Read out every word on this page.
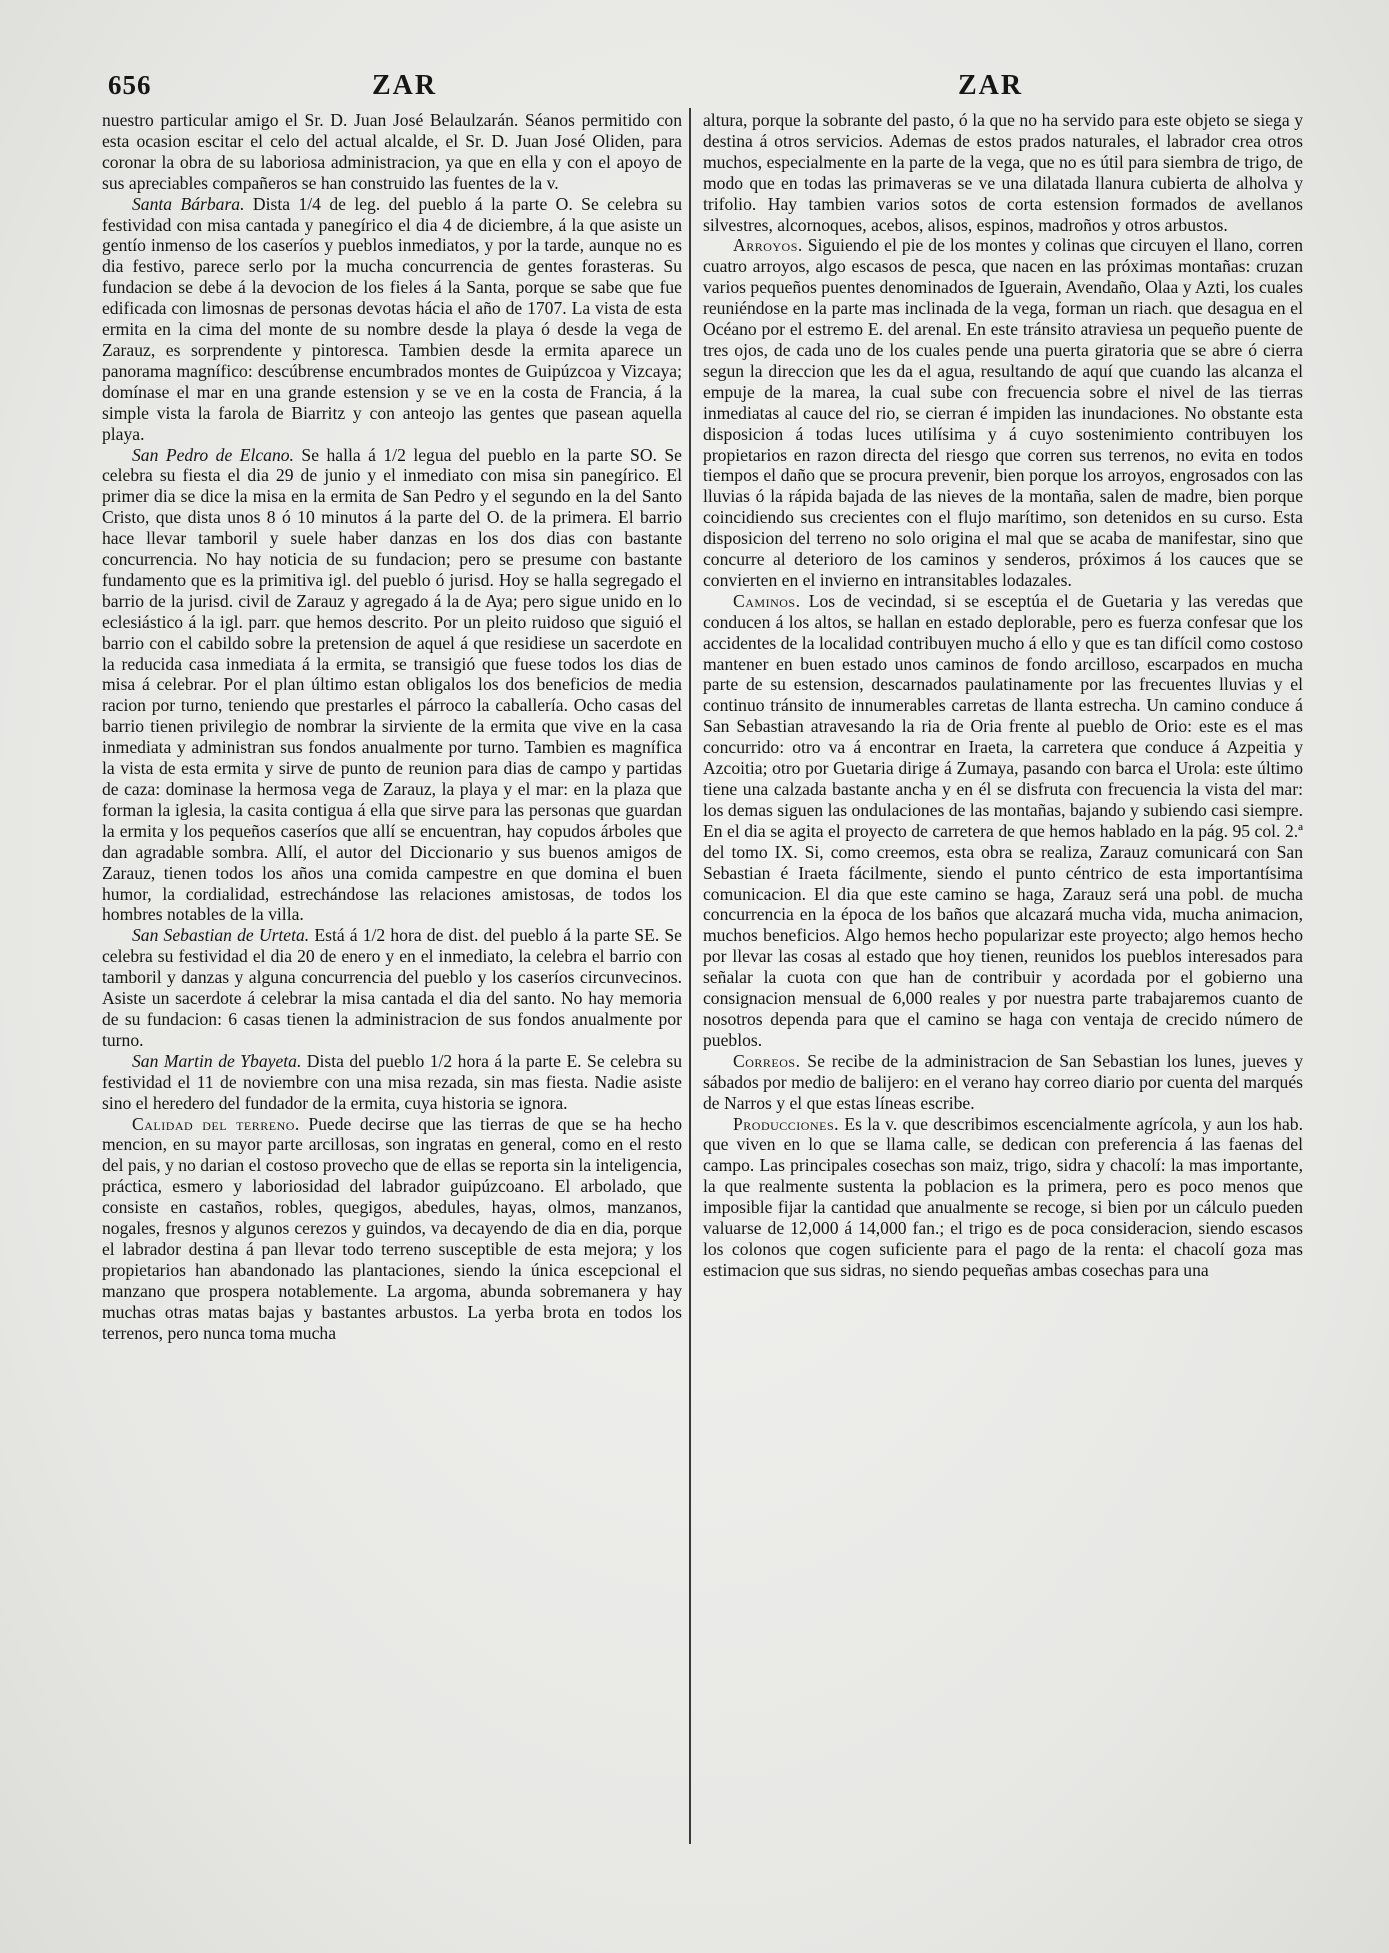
656	ZAR	ZAR

nuestro particular amigo el Sr. D. Juan José Belaulzarán. Séanos permitido con esta ocasion escitar el celo del actual alcalde, el Sr. D. Juan José Oliden, para coronar la obra de su laboriosa administracion, ya que en ella y con el apoyo de sus apreciables compañeros se han construido las fuentes de la v.

Santa Bárbara. Dista 1/4 de leg. del pueblo á la parte O. Se celebra su festividad con misa cantada y panegírico el dia 4 de diciembre, á la que asiste un gentío inmenso de los caseríos y pueblos inmediatos, y por la tarde, aunque no es dia festivo, parece serlo por la mucha concurrencia de gentes forasteras. Su fundacion se debe á la devocion de los fieles á la Santa, porque se sabe que fue edificada con limosnas de personas devotas hácia el año de 1707. La vista de esta ermita en la cima del monte de su nombre desde la playa ó desde la vega de Zarauz, es sorprendente y pintoresca. Tambien desde la ermita aparece un panorama magnífico: descúbrense encumbrados montes de Guipúzcoa y Vizcaya; domínase el mar en una grande estension y se ve en la costa de Francia, á la simple vista la farola de Biarritz y con anteojo las gentes que pasean aquella playa.

San Pedro de Elcano. Se halla á 1/2 legua del pueblo en la parte SO. Se celebra su fiesta el dia 29 de junio y el inmediato con misa sin panegírico. El primer dia se dice la misa en la ermita de San Pedro y el segundo en la del Santo Cristo, que dista unos 8 ó 10 minutos á la parte del O. de la primera. El barrio hace llevar tamboril y suele haber danzas en los dos dias con bastante concurrencia. No hay noticia de su fundacion; pero se presume con bastante fundamento que es la primitiva igl. del pueblo ó jurisd. Hoy se halla segregado el barrio de la jurisd. civil de Zarauz y agregado á la de Aya; pero sigue unido en lo eclesiástico á la igl. parr. que hemos descrito. Por un pleito ruidoso que siguió el barrio con el cabildo sobre la pretension de aquel á que residiese un sacerdote en la reducida casa inmediata á la ermita, se transigió que fuese todos los dias de misa á celebrar. Por el plan último estan obligalos los dos beneficios de media racion por turno, teniendo que prestarles el párroco la caballería. Ocho casas del barrio tienen privilegio de nombrar la sirviente de la ermita que vive en la casa inmediata y administran sus fondos anualmente por turno. Tambien es magnífica la vista de esta ermita y sirve de punto de reunion para dias de campo y partidas de caza: dominase la hermosa vega de Zarauz, la playa y el mar: en la plaza que forman la iglesia, la casita contigua á ella que sirve para las personas que guardan la ermita y los pequeños caseríos que allí se encuentran, hay copudos árboles que dan agradable sombra. Allí, el autor del Diccionario y sus buenos amigos de Zarauz, tienen todos los años una comida campestre en que domina el buen humor, la cordialidad, estrechándose las relaciones amistosas, de todos los hombres notables de la villa.

San Sebastian de Urteta. Está á 1/2 hora de dist. del pueblo á la parte SE. Se celebra su festividad el dia 20 de enero y en el inmediato, la celebra el barrio con tamboril y danzas y alguna concurrencia del pueblo y los caseríos circunvecinos. Asiste un sacerdote á celebrar la misa cantada el dia del santo. No hay memoria de su fundacion: 6 casas tienen la administracion de sus fondos anualmente por turno.

San Martin de Ybayeta. Dista del pueblo 1/2 hora á la parte E. Se celebra su festividad el 11 de noviembre con una misa rezada, sin mas fiesta. Nadie asiste sino el heredero del fundador de la ermita, cuya historia se ignora.

Calidad del terreno. Puede decirse que las tierras de que se ha hecho mencion, en su mayor parte arcillosas, son ingratas en general, como en el resto del pais, y no darian el costoso provecho que de ellas se reporta sin la inteligencia, práctica, esmero y laboriosidad del labrador guipúzcoano. El arbolado, que consiste en castaños, robles, quegigos, abedules, hayas, olmos, manzanos, nogales, fresnos y algunos cerezos y guindos, va decayendo de dia en dia, porque el labrador destina á pan llevar todo terreno susceptible de esta mejora; y los propietarios han abandonado las plantaciones, siendo la única escepcional el manzano que prospera notablemente. La argoma, abunda sobremanera y hay muchas otras matas bajas y bastantes arbustos. La yerba brota en todos los terrenos, pero nunca toma mucha

altura, porque la sobrante del pasto, ó la que no ha servido para este objeto se siega y destina á otros servicios. Ademas de estos prados naturales, el labrador crea otros muchos, especialmente en la parte de la vega, que no es útil para siembra de trigo, de modo que en todas las primaveras se ve una dilatada llanura cubierta de alholva y trifolio. Hay tambien varios sotos de corta estension formados de avellanos silvestres, alcornoques, acebos, alisos, espinos, madroños y otros arbustos.

Arroyos. Siguiendo el pie de los montes y colinas que circuyen el llano, corren cuatro arroyos, algo escasos de pesca, que nacen en las próximas montañas: cruzan varios pequeños puentes denominados de Iguerain, Avendaño, Olaa y Azti, los cuales reuniéndose en la parte mas inclinada de la vega, forman un riach. que desagua en el Océano por el estremo E. del arenal. En este tránsito atraviesa un pequeño puente de tres ojos, de cada uno de los cuales pende una puerta giratoria que se abre ó cierra segun la direccion que les da el agua, resultando de aquí que cuando las alcanza el empuje de la marea, la cual sube con frecuencia sobre el nivel de las tierras inmediatas al cauce del rio, se cierran é impiden las inundaciones. No obstante esta disposicion á todas luces utilísima y á cuyo sostenimiento contribuyen los propietarios en razon directa del riesgo que corren sus terrenos, no evita en todos tiempos el daño que se procura prevenir, bien porque los arroyos, engrosados con las lluvias ó la rápida bajada de las nieves de la montaña, salen de madre, bien porque coincidiendo sus crecientes con el flujo marítimo, son detenidos en su curso. Esta disposicion del terreno no solo origina el mal que se acaba de manifestar, sino que concurre al deterioro de los caminos y senderos, próximos á los cauces que se convierten en el invierno en intransitables lodazales.

Caminos. Los de vecindad, si se esceptúa el de Guetaria y las veredas que conducen á los altos, se hallan en estado deplorable, pero es fuerza confesar que los accidentes de la localidad contribuyen mucho á ello y que es tan difícil como costoso mantener en buen estado unos caminos de fondo arcilloso, escarpados en mucha parte de su estension, descarnados paulatinamente por las frecuentes lluvias y el continuo tránsito de innumerables carretas de llanta estrecha. Un camino conduce á San Sebastian atravesando la ria de Oria frente al pueblo de Orio: este es el mas concurrido: otro va á encontrar en Iraeta, la carretera que conduce á Azpeitia y Azcoitia; otro por Guetaria dirige á Zumaya, pasando con barca el Urola: este último tiene una calzada bastante ancha y en él se disfruta con frecuencia la vista del mar: los demas siguen las ondulaciones de las montañas, bajando y subiendo casi siempre. En el dia se agita el proyecto de carretera de que hemos hablado en la pág. 95 col. 2.ª del tomo IX. Si, como creemos, esta obra se realiza, Zarauz comunicará con San Sebastian é Iraeta fácilmente, siendo el punto céntrico de esta importantísima comunicacion. El dia que este camino se haga, Zarauz será una pobl. de mucha concurrencia en la época de los baños que alcazará mucha vida, mucha animacion, muchos beneficios. Algo hemos hecho popularizar este proyecto; algo hemos hecho por llevar las cosas al estado que hoy tienen, reunidos los pueblos interesados para señalar la cuota con que han de contribuir y acordada por el gobierno una consignacion mensual de 6,000 reales y por nuestra parte trabajaremos cuanto de nosotros dependa para que el camino se haga con ventaja de crecido número de pueblos.

Correos. Se recibe de la administracion de San Sebastian los lunes, jueves y sábados por medio de balijero: en el verano hay correo diario por cuenta del marqués de Narros y el que estas líneas escribe.

Producciones. Es la v. que describimos escencialmente agrícola, y aun los hab. que viven en lo que se llama calle, se dedican con preferencia á las faenas del campo. Las principales cosechas son maiz, trigo, sidra y chacolí: la mas importante, la que realmente sustenta la poblacion es la primera, pero es poco menos que imposible fijar la cantidad que anualmente se recoge, si bien por un cálculo pueden valuarse de 12,000 á 14,000 fan.; el trigo es de poca consideracion, siendo escasos los colonos que cogen suficiente para el pago de la renta: el chacolí goza mas estimacion que sus sidras, no siendo pequeñas ambas cosechas para una
